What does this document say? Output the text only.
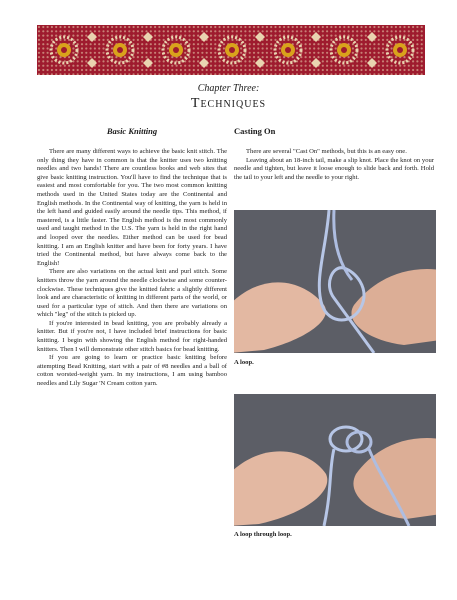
Chapter Three:
Techniques
Basic Knitting

There are many different ways to achieve the basic knit stitch. The only thing they have in common is that the knitter uses two knitting needles and two hands! There are countless books and web sites that give basic knitting instruction. You'll have to find the technique that is easiest and most comfortable for you. The two most common knitting methods used in the United States today are the Continental and English methods. In the Continental way of knitting, the yarn is held in the left hand and guided easily around the needle tips. This method, if mastered, is a little faster. The English method is the most commonly used and taught method in the U.S. The yarn is held in the right hand and looped over the needles. Either method can be used for bead knitting. I am an English knitter and have been for forty years. I have tried the Continental method, but have always come back to the English!

There are also variations on the actual knit and purl stitch. Some knitters throw the yarn around the needle clockwise and some counter-clockwise. These techniques give the knitted fabric a slightly different look and are characteristic of knitting in different parts of the world, or used for a particular type of stitch. And then there are variations on which "leg" of the stitch is picked up.

If you're interested in bead knitting, you are probably already a knitter. But if you're not, I have included brief instructions for basic knitting. I begin with showing the English method for right-handed knitters. Then I will demonstrate other stitch basics for bead knitting.

If you are going to learn or practice basic knitting before attempting Bead Knitting, start with a pair of #8 needles and a ball of cotton worsted-weight yarn. In my instructions, I am using bamboo needles and Lily Sugar 'N Cream cotton yarn.

Casting On

There are several "Cast On" methods, but this is an easy one.

Leaving about an 18-inch tail, make a slip knot. Place the knot on your needle and tighten, but leave it loose enough to slide back and forth. Hold the tail to your left and the needle to your right.

A loop.
A loop through loop.
